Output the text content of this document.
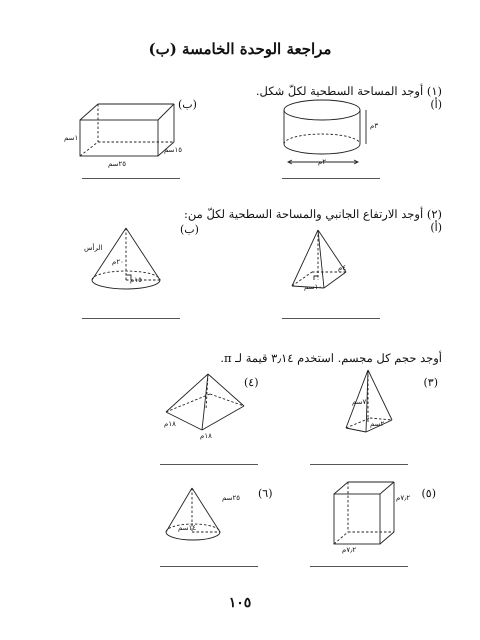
مراجعة الوحدة الخامسة (ب)
(١) أوجد المساحة السطحية لكلّ شكل.
(أ)
(ب)
٣م
٢م
١٠سم
٢٥سم
١٥سم
(٢) أوجد الارتفاع الجانبي والمساحة السطحية لكلّ من:
(أ)
(ب)
الرأس
٢٠م
١٥م
٤م
١٠سم
أوجد حجم كل مجسم. استخدم ٣٫١٤ قيمة لـ π.
(٣)
(٤)
٧سم
٢سم
١٨م
١٨م
(٦)	(٥)
٢٥سم
١٤سم
٧٫٢م
٧٫٢م
١٠٥
